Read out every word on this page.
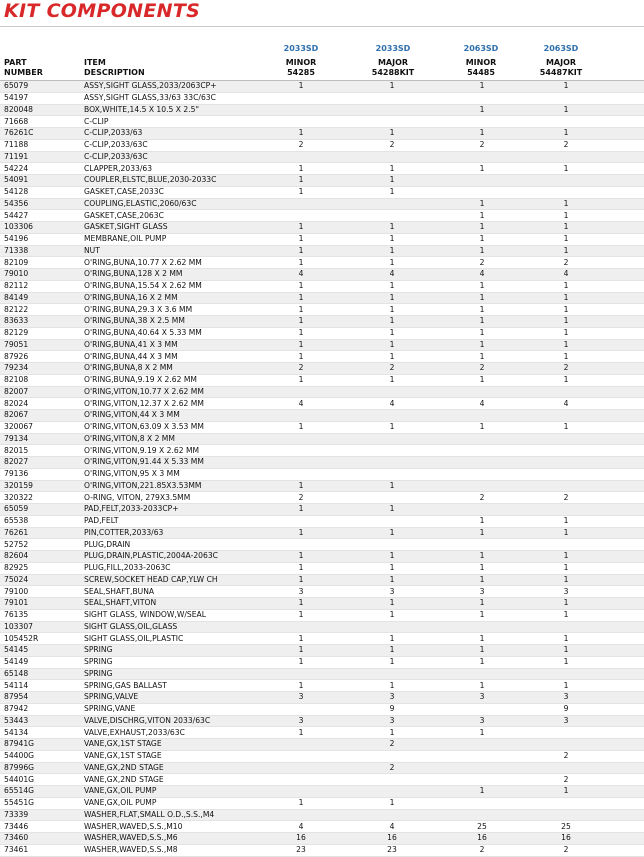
KIT COMPONENTS
PART
NUMBER
ITEM
DESCRIPTION
2033SD
MINOR
54285
2033SD
MAJOR
54288KIT
2063SD
MINOR
54485
2063SD
MAJOR
54487KIT
65079	ASSY,SIGHT GLASS,2033/2063CP+	1	1	1	1	
54197	ASSY,SIGHT GLASS,33/63 33C/63C					
820048	BOX,WHITE,14.5 X 10.5 X 2.5"			1	1	
71668	C-CLIP					
76261C	C-CLIP,2033/63	1	1	1	1	
71188	C-CLIP,2033/63C	2	2	2	2	
71191	C-CLIP,2033/63C					
54224	CLAPPER,2033/63	1	1	1	1	
54091	COUPLER,ELSTC,BLUE,2030-2033C	1	1			
54128	GASKET,CASE,2033C	1	1			
54356	COUPLING,ELASTIC,2060/63C			1	1	
54427	GASKET,CASE,2063C			1	1	
103306	GASKET,SIGHT GLASS	1	1	1	1	
54196	MEMBRANE,OIL PUMP	1	1	1	1	
71338	NUT	1	1	1	1	
82109	O'RING,BUNA,10.77 X 2.62 MM	1	1	2	2	
79010	O'RING,BUNA,128 X 2 MM	4	4	4	4	
82112	O'RING,BUNA,15.54 X 2.62 MM	1	1	1	1	
84149	O'RING,BUNA,16 X 2 MM	1	1	1	1	
82122	O'RING,BUNA,29.3 X 3.6 MM	1	1	1	1	
83633	O'RING,BUNA,38 X 2.5 MM	1	1	1	1	
82129	O'RING,BUNA,40.64 X 5.33 MM	1	1	1	1	
79051	O'RING,BUNA,41 X 3 MM	1	1	1	1	
87926	O'RING,BUNA,44 X 3 MM	1	1	1	1	
79234	O'RING,BUNA,8 X 2 MM	2	2	2	2	
82108	O'RING,BUNA,9.19 X 2.62 MM	1	1	1	1	
82007	O'RING,VITON,10.77 X 2.62 MM					
82024	O'RING,VITON,12.37 X 2.62 MM	4	4	4	4	
82067	O'RING,VITON,44 X 3 MM					
320067	O'RING,VITON,63.09 X 3.53 MM	1	1	1	1	
79134	O'RING,VITON,8 X 2 MM					
82015	O'RING,VITON,9.19 X 2.62 MM					
82027	O'RING,VITON,91.44 X 5.33 MM					
79136	O'RING,VITON,95 X 3 MM					
320159	O'RING,VITON,221.85X3.53MM	1	1			
320322	O-RING, VITON, 279X3.5MM	2		2	2	
65059	PAD,FELT,2033-2033CP+	1	1			
65538	PAD,FELT			1	1	
76261	PIN,COTTER,2033/63	1	1	1	1	
52752	PLUG,DRAIN					
82604	PLUG,DRAIN,PLASTIC,2004A-2063C	1	1	1	1	
82925	PLUG,FILL,2033-2063C	1	1	1	1	
75024	SCREW,SOCKET HEAD CAP,YLW CH	1	1	1	1	
79100	SEAL,SHAFT,BUNA	3	3	3	3	
79101	SEAL,SHAFT,VITON	1	1	1	1	
76135	SIGHT GLASS, WINDOW,W/SEAL	1	1	1	1	
103307	SIGHT GLASS,OIL,GLASS					
105452R	SIGHT GLASS,OIL,PLASTIC	1	1	1	1	
54145	SPRING	1	1	1	1	
54149	SPRING	1	1	1	1	
65148	SPRING					
54114	SPRING,GAS BALLAST	1	1	1	1	
87954	SPRING,VALVE	3	3	3	3	
87942	SPRING,VANE		9		9	
53443	VALVE,DISCHRG,VITON 2033/63C	3	3	3	3	
54134	VALVE,EXHAUST,2033/63C	1	1	1		
87941G	VANE,GX,1ST STAGE		2			
54400G	VANE,GX,1ST STAGE				2	
87996G	VANE,GX,2ND STAGE		2			
54401G	VANE,GX,2ND STAGE				2	
65514G	VANE,GX,OIL PUMP			1	1	
55451G	VANE,GX,OIL PUMP	1	1			
73339	WASHER,FLAT,SMALL O.D.,S.S.,M4					
73446	WASHER,WAVED,S.S.,M10	4	4	25	25	
73460	WASHER,WAVED,S.S.,M6	16	16	16	16	
73461	WASHER,WAVED,S.S.,M8	23	23	2	2	
